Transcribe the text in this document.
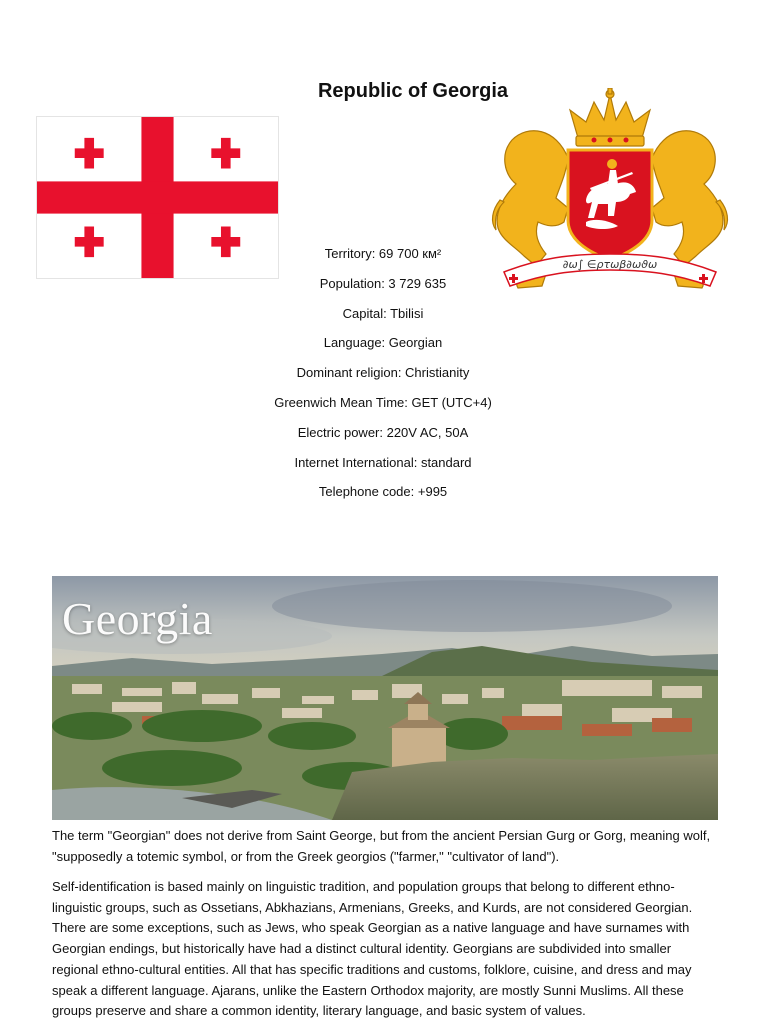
Republic of Georgia
∂ω∫ ∈ρτωβ∂ωϑω
Territory: 69 700 км²
Population: 3 729 635
Capital: Tbilisi
Language: Georgian
Dominant religion: Christianity
Greenwich Mean Time: GET (UTC+4)
Electric power: 220V AC, 50A
Internet International: standard
Telephone code: +995
Georgia

The term "Georgian" does not derive from Saint George, but from the ancient Persian Gurg or Gorg, meaning wolf, "supposedly a totemic symbol, or from the Greek georgios ("farmer," "cultivator of land").

Self-identification is based mainly on linguistic tradition, and population groups that belong to different ethno-linguistic groups, such as Ossetians, Abkhazians, Armenians, Greeks, and Kurds, are not considered Georgian. There are some exceptions, such as Jews, who speak Georgian as a native language and have surnames with Georgian endings, but historically have had a distinct cultural identity. Georgians are subdivided into smaller regional ethno-cultural entities. All that has specific traditions and customs, folklore, cuisine, and dress and may speak a different language. Ajarans, unlike the Eastern Orthodox majority, are mostly Sunni Muslims. All these groups preserve and share a common identity, literary language, and basic system of values.
